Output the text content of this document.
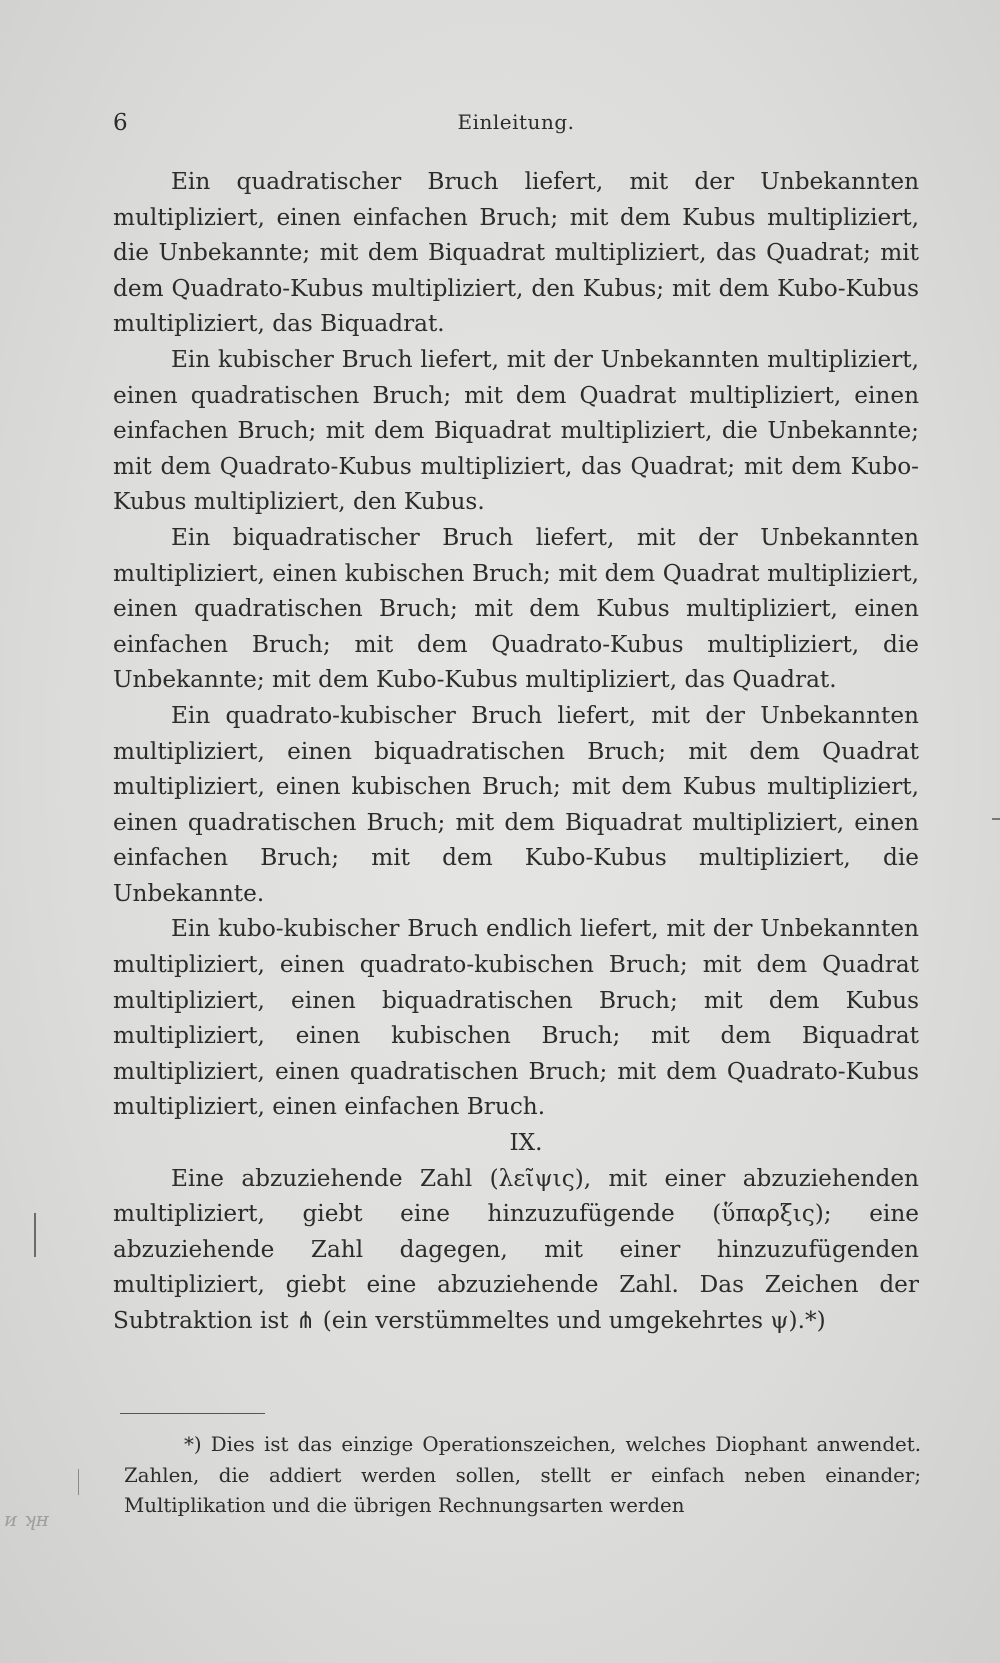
6	Einleitung.

Ein quadratischer Bruch liefert, mit der Unbekannten multipliziert, einen einfachen Bruch; mit dem Kubus multipliziert, die Unbekannte; mit dem Biquadrat multipliziert, das Quadrat; mit dem Quadrato-Kubus multipliziert, den Kubus; mit dem Kubo-Kubus multipliziert, das Biquadrat.

Ein kubischer Bruch liefert, mit der Unbekannten multipliziert, einen quadratischen Bruch; mit dem Quadrat multipliziert, einen einfachen Bruch; mit dem Biquadrat multipliziert, die Unbekannte; mit dem Quadrato-Kubus multipliziert, das Quadrat; mit dem Kubo-Kubus multipliziert, den Kubus.

Ein biquadratischer Bruch liefert, mit der Unbekannten multipliziert, einen kubischen Bruch; mit dem Quadrat multipliziert, einen quadratischen Bruch; mit dem Kubus multipliziert, einen einfachen Bruch; mit dem Quadrato-Kubus multipliziert, die Unbekannte; mit dem Kubo-Kubus multipliziert, das Quadrat.

Ein quadrato-kubischer Bruch liefert, mit der Unbekannten multipliziert, einen biquadratischen Bruch; mit dem Quadrat multipliziert, einen kubischen Bruch; mit dem Kubus multipliziert, einen quadratischen Bruch; mit dem Biquadrat multipliziert, einen einfachen Bruch; mit dem Kubo-Kubus multipliziert, die Unbekannte.

Ein kubo-kubischer Bruch endlich liefert, mit der Unbekannten multipliziert, einen quadrato-kubischen Bruch; mit dem Quadrat multipliziert, einen biquadratischen Bruch; mit dem Kubus multipliziert, einen kubischen Bruch; mit dem Biquadrat multipliziert, einen quadratischen Bruch; mit dem Quadrato-Kubus multipliziert, einen einfachen Bruch.

IX.

Eine abzuziehende Zahl (λεῖψις), mit einer abzuziehenden multipliziert, giebt eine hinzuzufügende (ὕπαρξις); eine abzuziehende Zahl dagegen, mit einer hinzuzufügenden multipliziert, giebt eine abzuziehende Zahl. Das Zeichen der Subtraktion ist ⋔ (ein verstümmeltes und umgekehrtes ψ).*)

*) Dies ist das einzige Operationszeichen, welches Diophant anwendet. Zahlen, die addiert werden sollen, stellt er einfach neben einander; Multiplikation und die übrigen Rechnungsarten werden

ᴎ ʞʜ
